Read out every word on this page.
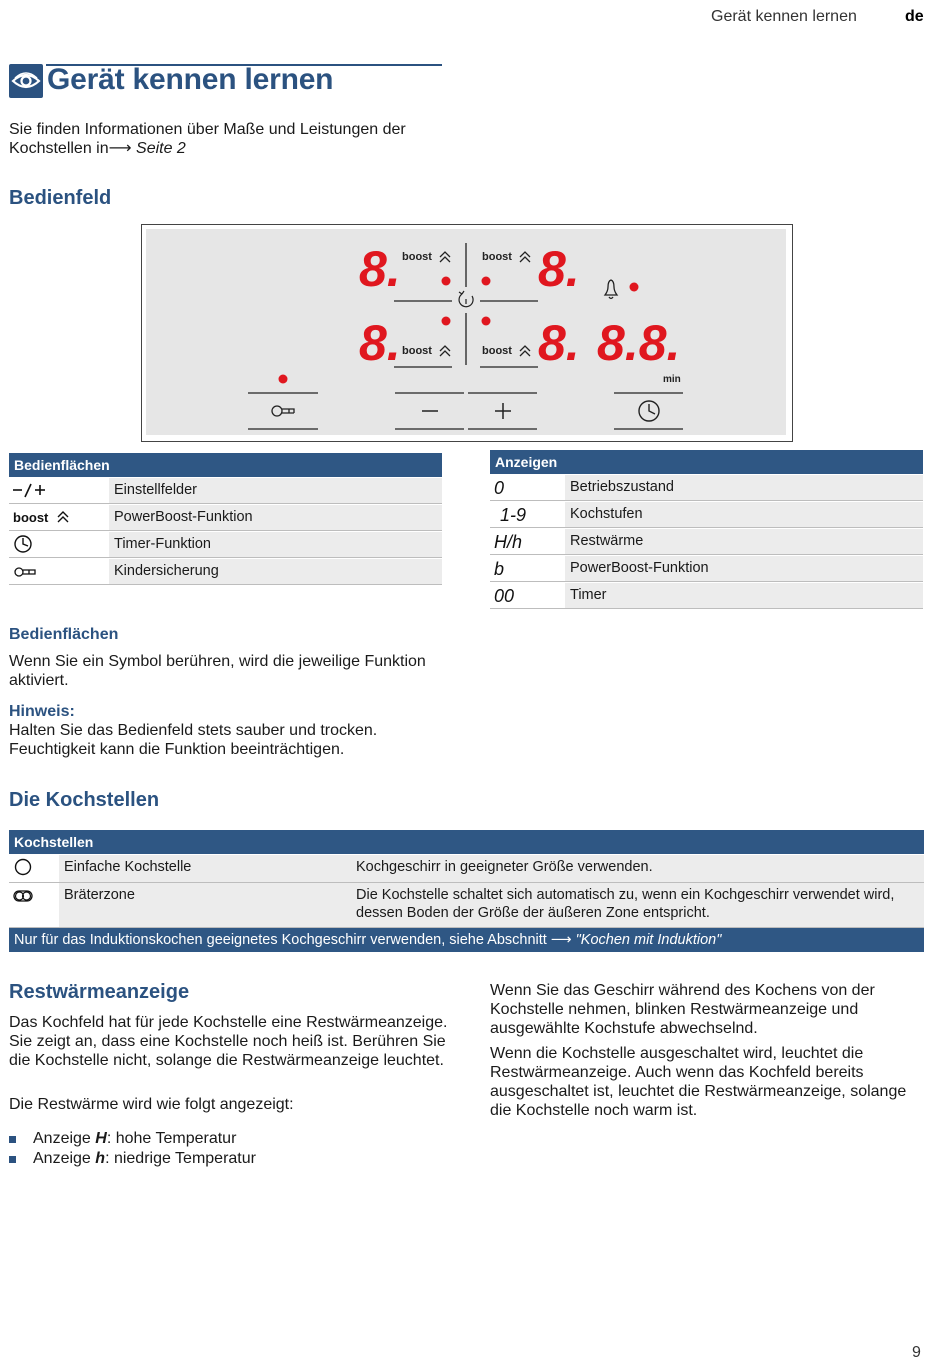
Gerät kennen lernen	de
Gerät kennen lernen
Sie finden Informationen über Maße und Leistungen der Kochstellen in⟶ Seite 2
Bedienfeld
8.	8.
8.	8. 8.8.
boost	boost
boost	boost
min
Bedienflächen
Einstellfelder
boost	PowerBoost-Funktion
Timer-Funktion
Kindersicherung
Anzeigen
0	Betriebszustand
1-9	Kochstufen
H/h	Restwärme
b	PowerBoost-Funktion
00	Timer
Bedienflächen
Wenn Sie ein Symbol berühren, wird die jeweilige Funktion aktiviert.
Hinweis:
Halten Sie das Bedienfeld stets sauber und trocken. Feuchtigkeit kann die Funktion beeinträchtigen.
Die Kochstellen
Kochstellen
Einfache Kochstelle	Kochgeschirr in geeigneter Größe verwenden.
Bräterzone	Die Kochstelle schaltet sich automatisch zu, wenn ein Kochgeschirr verwendet wird, dessen Boden der Größe der äußeren Zone entspricht.
Nur für das Induktionskochen geeignetes Kochgeschirr verwenden, siehe Abschnitt ⟶ "Kochen mit Induktion"
Restwärmeanzeige
Das Kochfeld hat für jede Kochstelle eine Restwärmeanzeige. Sie zeigt an, dass eine Kochstelle noch heiß ist. Berühren Sie die Kochstelle nicht, solange die Restwärmeanzeige leuchtet.
Die Restwärme wird wie folgt angezeigt:
Anzeige H: hohe Temperatur
Anzeige h: niedrige Temperatur
Wenn Sie das Geschirr während des Kochens von der Kochstelle nehmen, blinken Restwärmeanzeige und ausgewählte Kochstufe abwechselnd.
Wenn die Kochstelle ausgeschaltet wird, leuchtet die Restwärmeanzeige. Auch wenn das Kochfeld bereits ausgeschaltet ist, leuchtet die Restwärmeanzeige, solange die Kochstelle noch warm ist.
9
